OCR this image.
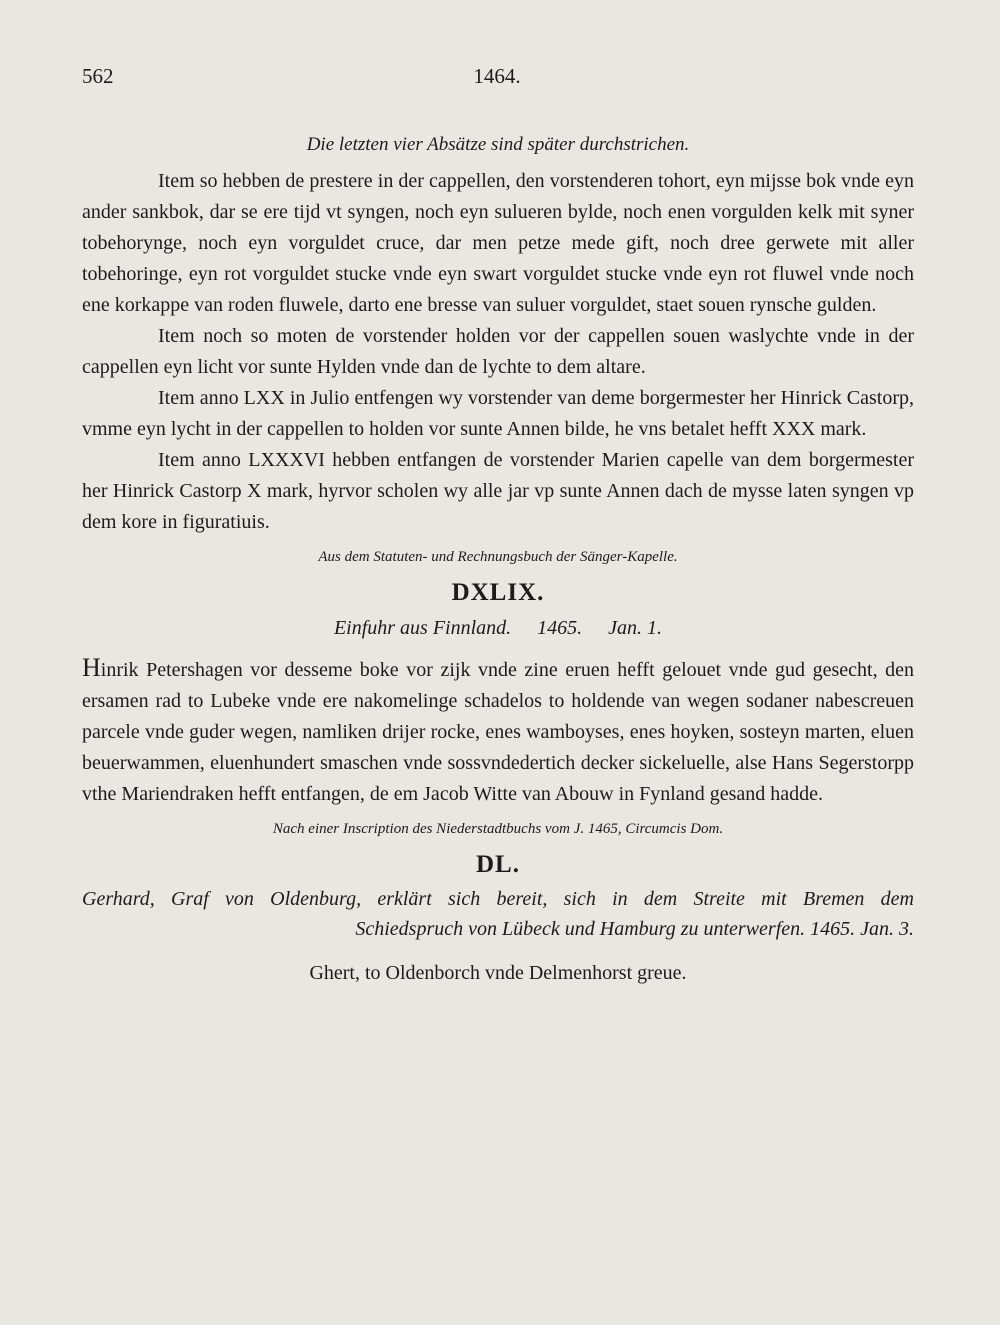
562	1464.
Die letzten vier Absätze sind später durchstrichen.

Item so hebben de prestere in der cappellen, den vorstenderen tohort, eyn mijsse bok vnde eyn ander sankbok, dar se ere tijd vt syngen, noch eyn sulueren bylde, noch enen vorgulden kelk mit syner tobehorynge, noch eyn vorguldet cruce, dar men petze mede gift, noch dree gerwete mit aller tobehoringe, eyn rot vorguldet stucke vnde eyn swart vorguldet stucke vnde eyn rot fluwel vnde noch ene korkappe van roden fluwele, darto ene bresse van suluer vorguldet, staet souen rynsche gulden.

Item noch so moten de vorstender holden vor der cappellen souen waslychte vnde in der cappellen eyn licht vor sunte Hylden vnde dan de lychte to dem altare.

Item anno LXX in Julio entfengen wy vorstender van deme borgermester her Hinrick Castorp, vmme eyn lycht in der cappellen to holden vor sunte Annen bilde, he vns betalet hefft XXX mark.

Item anno LXXXVI hebben entfangen de vorstender Marien capelle van dem borgermester her Hinrick Castorp X mark, hyrvor scholen wy alle jar vp sunte Annen dach de mysse laten syngen vp dem kore in figuratiuis.

Aus dem Statuten- und Rechnungsbuch der Sänger-Kapelle.
DXLIX.
Einfuhr aus Finnland. 1465. Jan. 1.

Hinrik Petershagen vor desseme boke vor zijk vnde zine eruen hefft gelouet vnde gud gesecht, den ersamen rad to Lubeke vnde ere nakomelinge schadelos to holdende van wegen sodaner nabescreuen parcele vnde guder wegen, namliken drijer rocke, enes wamboyses, enes hoyken, sosteyn marten, eluen beuerwammen, eluenhundert smaschen vnde sossvndedertich decker sickeluelle, alse Hans Segerstorpp vthe Mariendraken hefft entfangen, de em Jacob Witte van Abouw in Fynland gesand hadde.

Nach einer Inscription des Niederstadtbuchs vom J. 1465, Circumcis Dom.
DL.
Gerhard, Graf von Oldenburg, erklärt sich bereit, sich in dem Streite mit Bremen dem
Schiedspruch von Lübeck und Hamburg zu unterwerfen. 1465. Jan. 3.
Ghert, to Oldenborch vnde Delmenhorst greue.
